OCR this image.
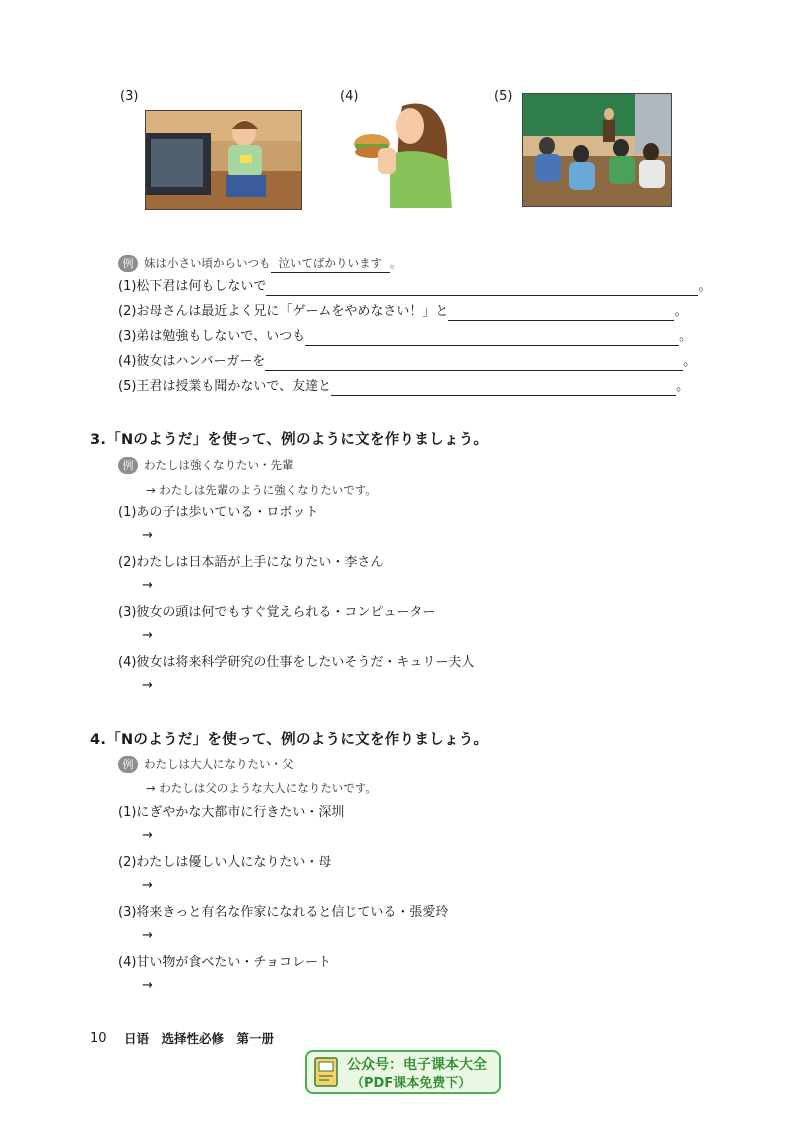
(3)	(4)	(5)
例 妹は小さい頃からいつも 泣いてばかりいます 。
(1)松下君は何もしないで	。
(2)お母さんは最近よく兄に「ゲームをやめなさい！」と	。
(3)弟は勉強もしないで、いつも	。
(4)彼女はハンバーガーを	。
(5)王君は授業も聞かないで、友達と	。
3.「Nのようだ」を使って、例のように文を作りましょう。
例 わたしは強くなりたい・先輩
→ わたしは先輩のように強くなりたいです。
(1)あの子は歩いている・ロボット
→
(2)わたしは日本語が上手になりたい・李さん
→
(3)彼女の頭は何でもすぐ覚えられる・コンピューター
→
(4)彼女は将来科学研究の仕事をしたいそうだ・キュリー夫人
→
4.「Nのようだ」を使って、例のように文を作りましょう。
例 わたしは大人になりたい・父
→ わたしは父のような大人になりたいです。
(1)にぎやかな大都市に行きたい・深圳
→
(2)わたしは優しい人になりたい・母
→
(3)将来きっと有名な作家になれると信じている・張愛玲
→
(4)甘い物が食べたい・チョコレート
→
10 日语　选择性必修　第一册
公众号：电子课本大全
（PDF课本免费下）
